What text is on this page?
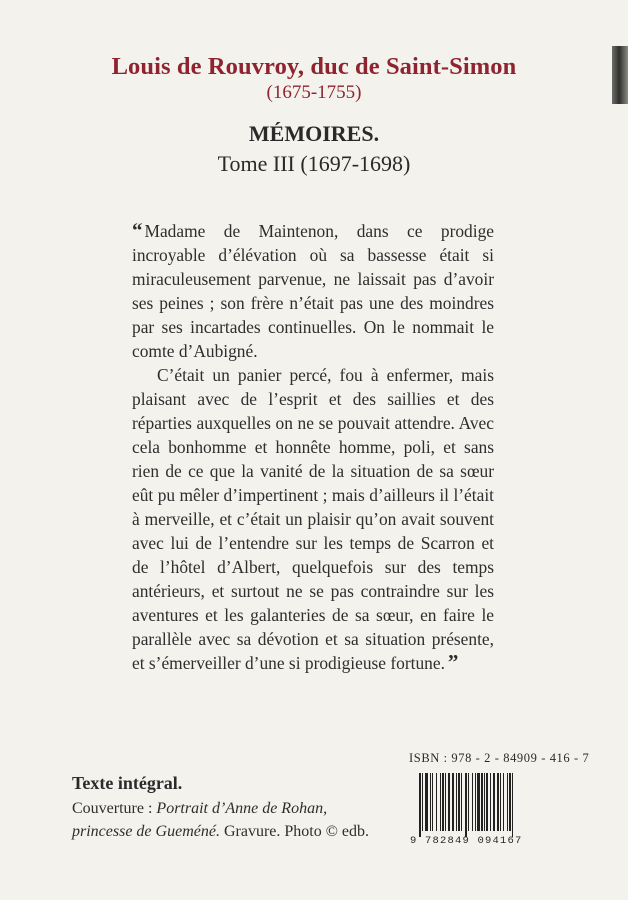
Louis de Rouvroy, duc de Saint-Simon
(1675-1755)
MÉMOIRES.
Tome III (1697-1698)

“ Madame de Maintenon, dans ce prodige incroyable d’élévation où sa bassesse était si miraculeusement parvenue, ne laissait pas d’avoir ses peines ; son frère n’était pas une des moindres par ses incartades continuelles. On le nommait le comte d’Aubigné.

C’était un panier percé, fou à enfermer, mais plaisant avec de l’esprit et des saillies et des réparties auxquelles on ne se pouvait attendre. Avec cela bonhomme et honnête homme, poli, et sans rien de ce que la vanité de la situation de sa sœur eût pu mêler d’impertinent ; mais d’ailleurs il l’était à merveille, et c’était un plaisir qu’on avait souvent avec lui de l’entendre sur les temps de Scarron et de l’hôtel d’Albert, quelquefois sur des temps antérieurs, et surtout ne se pas contraindre sur les aventures et les galanteries de sa sœur, en faire le parallèle avec sa dévotion et sa situation présente, et s’émerveiller d’une si prodigieuse fortune. ”

Texte intégral.
Couverture : Portrait d’Anne de Rohan, princesse de Gueméné. Gravure. Photo © edb.
ISBN : 978 - 2 - 84909 - 416 - 7
9 782849 094167
